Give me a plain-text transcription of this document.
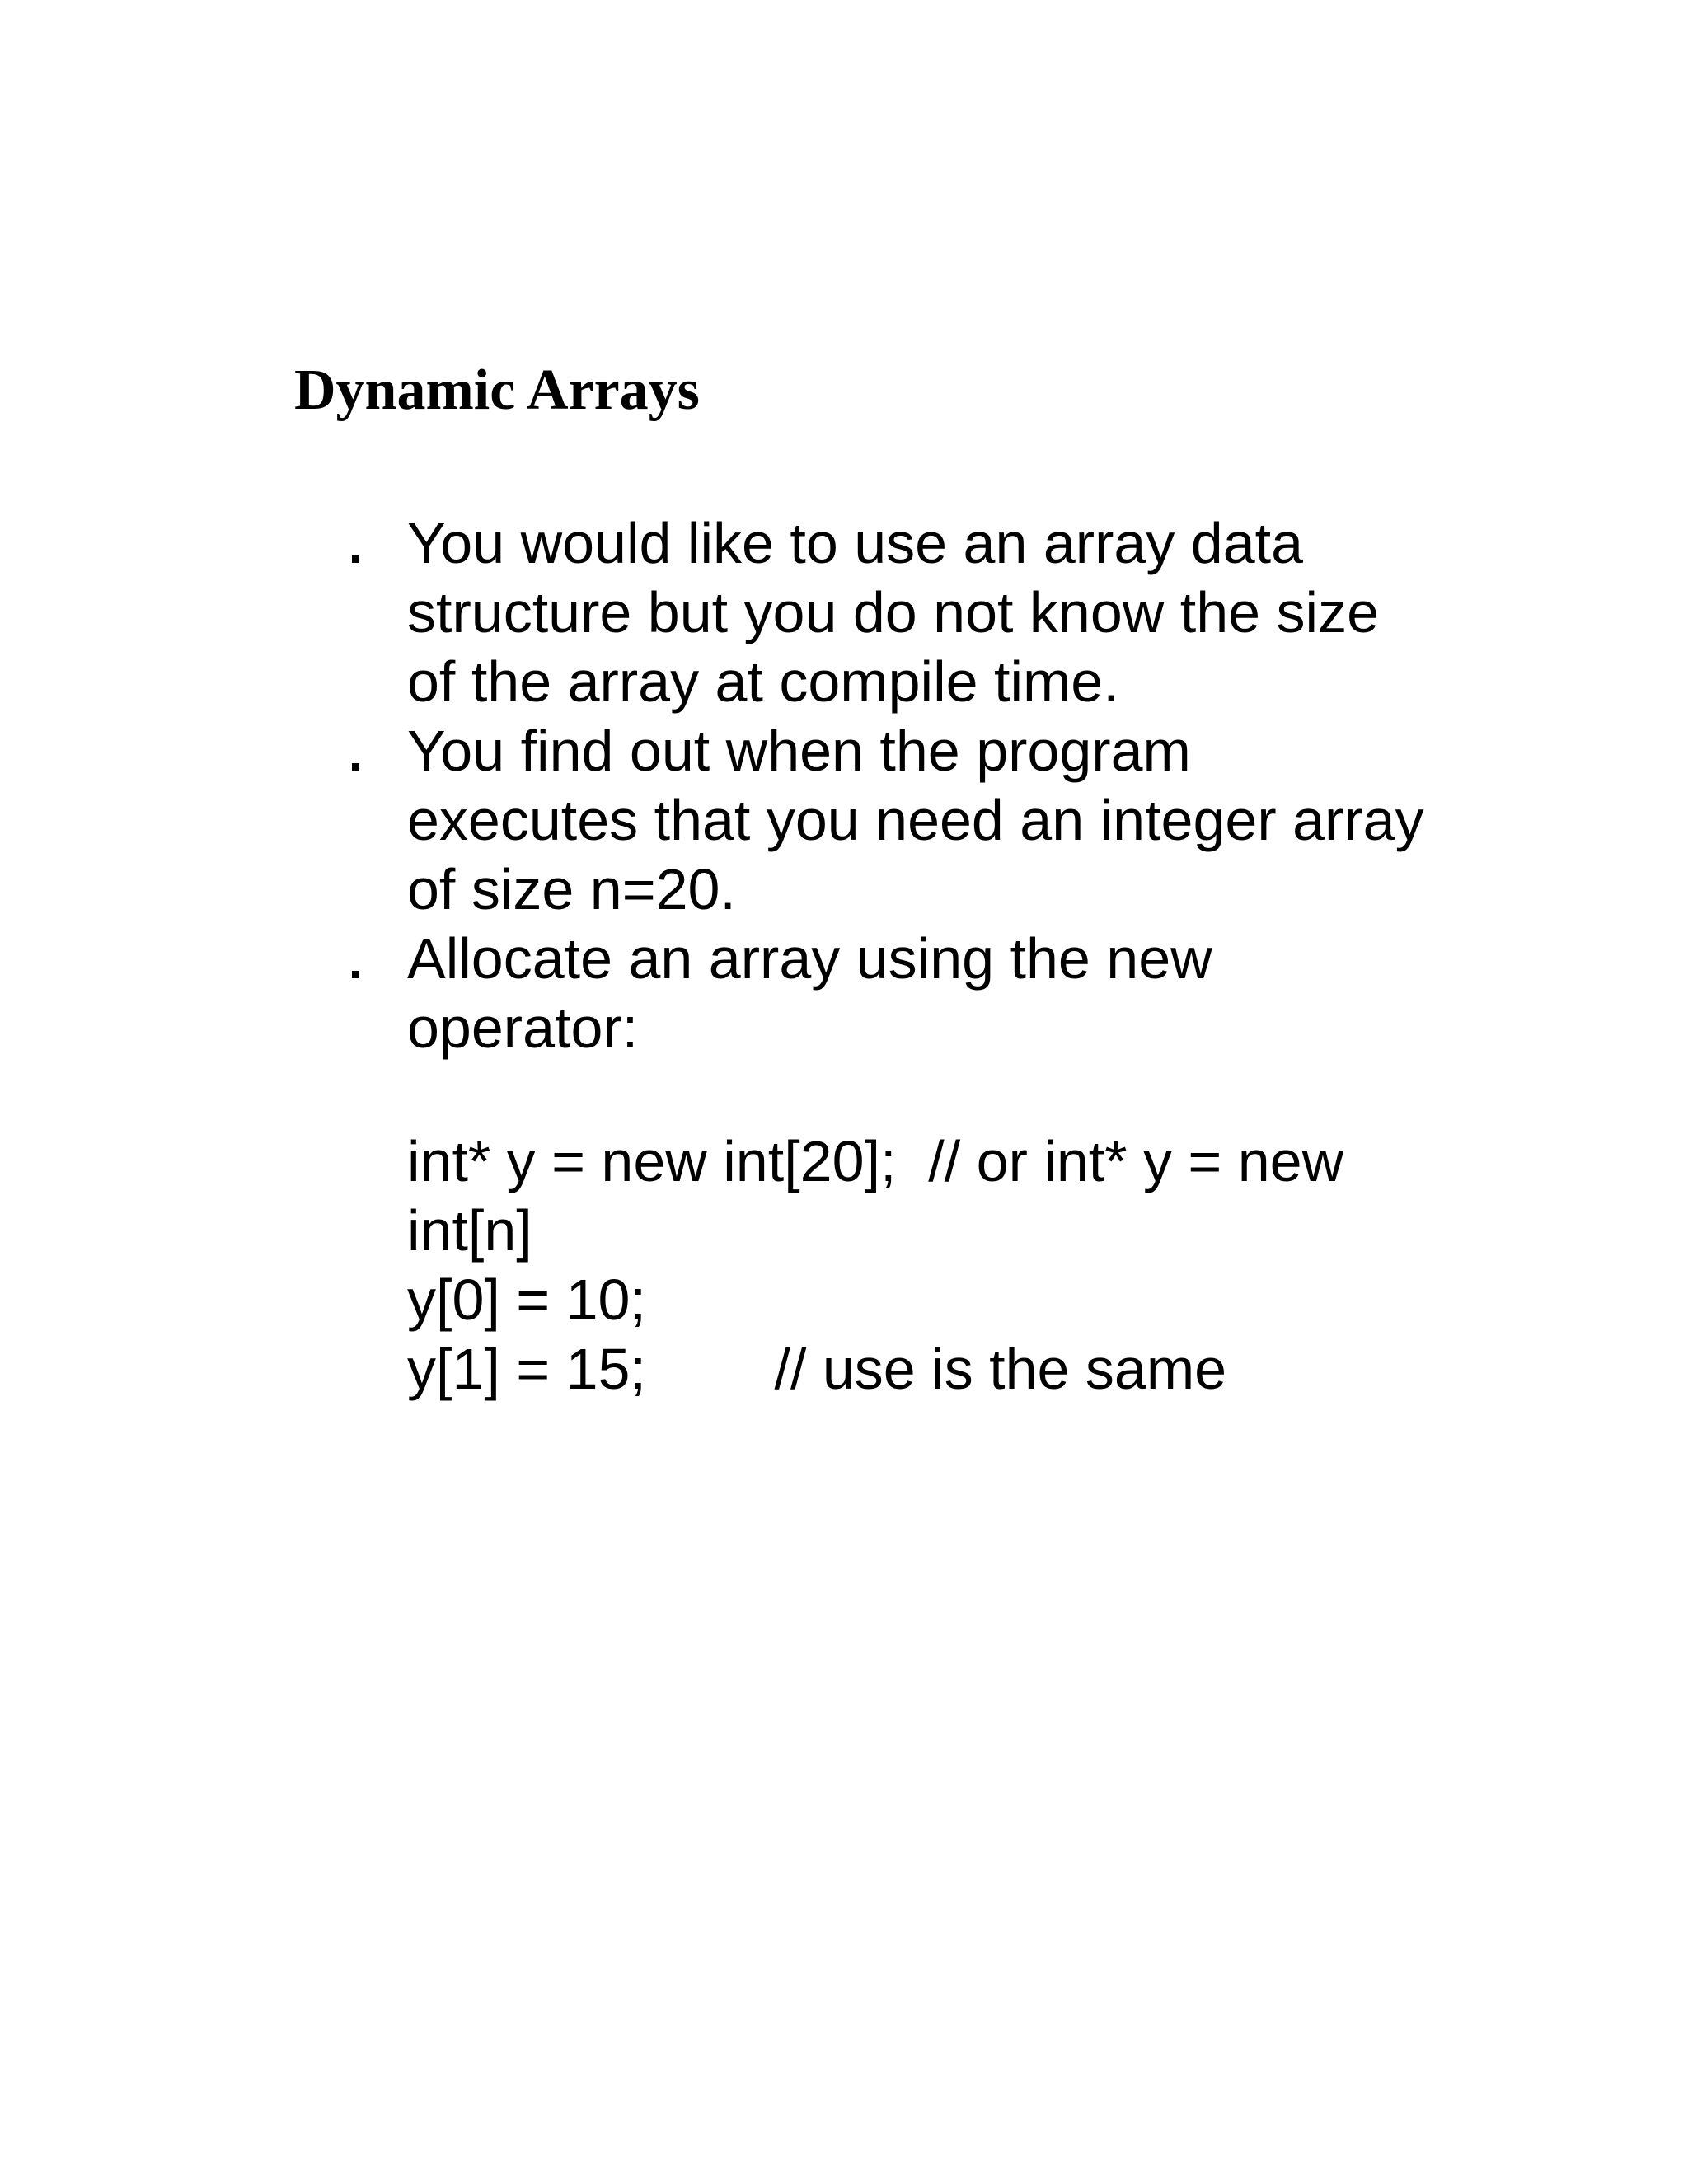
Dynamic Arrays
You would like to use an array data
structure but you do not know the size
of the array at compile time.
You find out when the program
executes that you need an integer array
of size n=20.
Allocate an array using the new
operator:
int* y = new int[20];  // or int* y = new
int[n]
y[0] = 10;
y[1] = 15;        // use is the same
